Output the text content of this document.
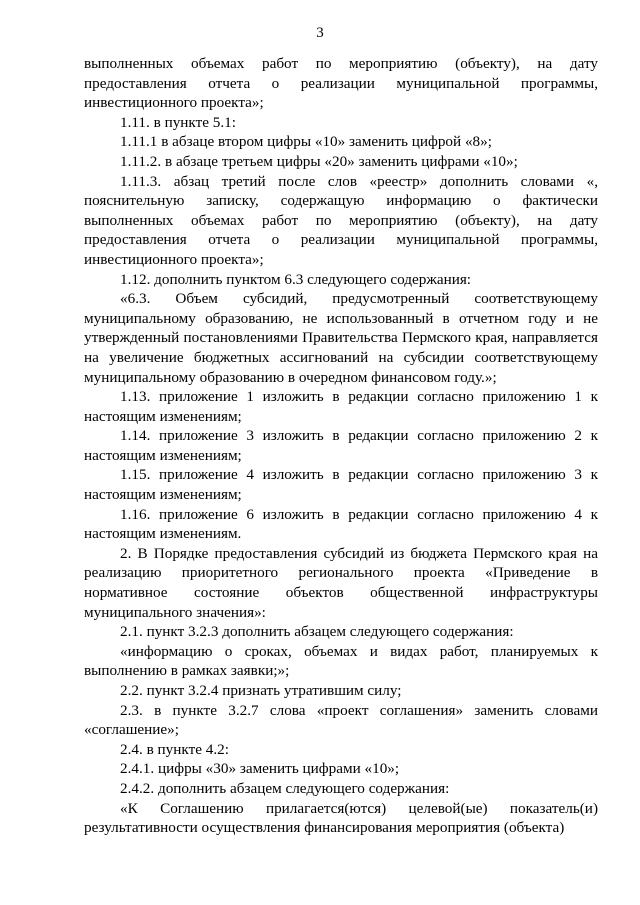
3

выполненных объемах работ по мероприятию (объекту), на дату предоставления отчета о реализации муниципальной программы, инвестиционного проекта»;

1.11. в пункте 5.1:

1.11.1 в абзаце втором цифры «10» заменить цифрой «8»;

1.11.2. в абзаце третьем цифры «20» заменить цифрами «10»;

1.11.3. абзац третий после слов «реестр» дополнить словами «, пояснительную записку, содержащую информацию о фактически выполненных объемах работ по мероприятию (объекту), на дату предоставления отчета о реализации муниципальной программы, инвестиционного проекта»;

1.12. дополнить пунктом 6.3 следующего содержания:

«6.3. Объем субсидий, предусмотренный соответствующему муниципальному образованию, не использованный в отчетном году и не утвержденный постановлениями Правительства Пермского края, направляется на увеличение бюджетных ассигнований на субсидии соответствующему муниципальному образованию в очередном финансовом году.»;

1.13. приложение 1 изложить в редакции согласно приложению 1 к настоящим изменениям;

1.14. приложение 3 изложить в редакции согласно приложению 2 к настоящим изменениям;

1.15. приложение 4 изложить в редакции согласно приложению 3 к настоящим изменениям;

1.16. приложение 6 изложить в редакции согласно приложению 4 к настоящим изменениям.

2. В Порядке предоставления субсидий из бюджета Пермского края на реализацию приоритетного регионального проекта «Приведение в нормативное состояние объектов общественной инфраструктуры муниципального значения»:

2.1. пункт 3.2.3 дополнить абзацем следующего содержания:

«информацию о сроках, объемах и видах работ, планируемых к выполнению в рамках заявки;»;

2.2. пункт 3.2.4 признать утратившим силу;

2.3. в пункте 3.2.7 слова «проект соглашения» заменить словами «соглашение»;

2.4. в пункте 4.2:

2.4.1. цифры «30» заменить цифрами «10»;

2.4.2. дополнить абзацем следующего содержания:

«К Соглашению прилагается(ются) целевой(ые) показатель(и) результативности осуществления финансирования мероприятия (объекта)
